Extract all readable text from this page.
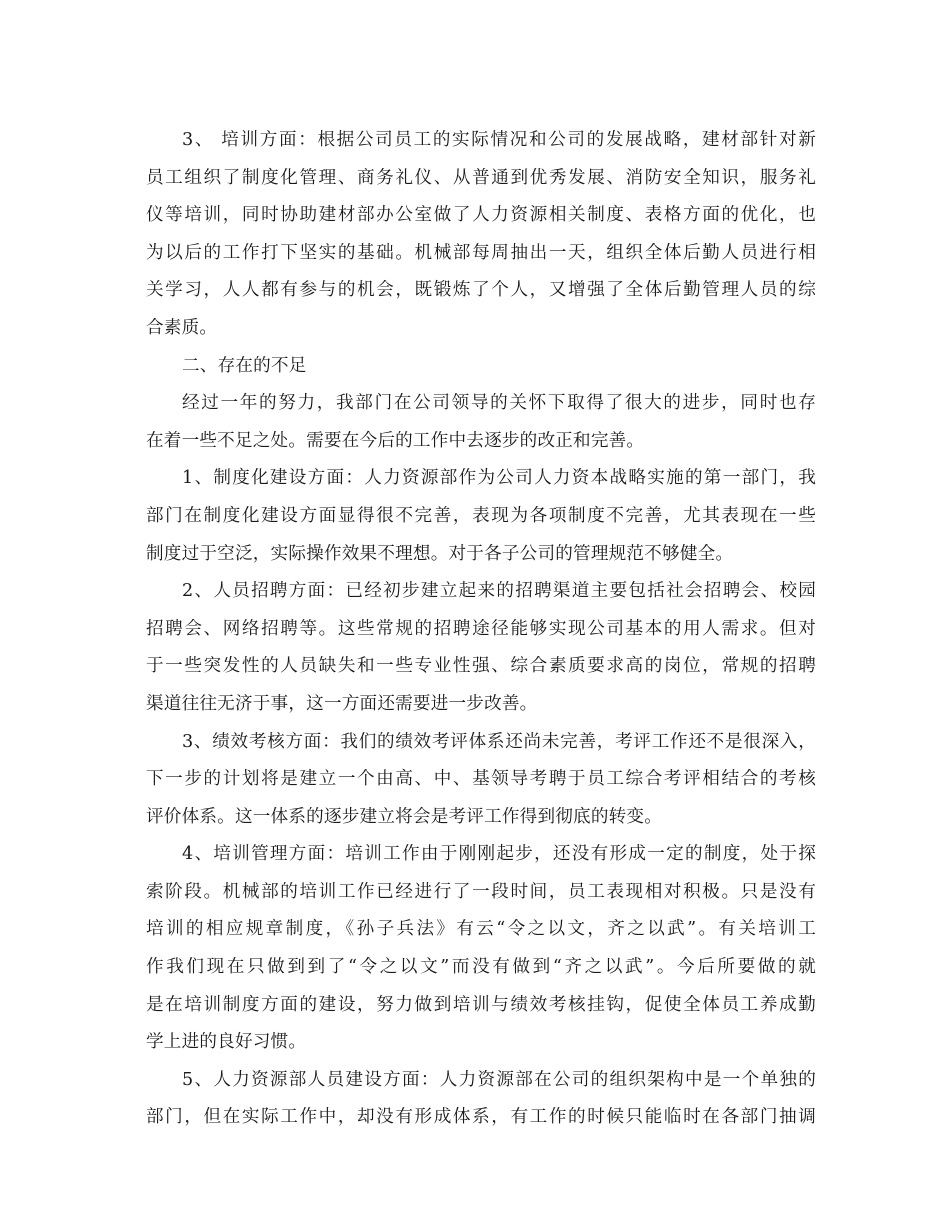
3、 培训方面：根据公司员工的实际情况和公司的发展战略，建材部针对新
员工组织了制度化管理、商务礼仪、从普通到优秀发展、消防安全知识，服务礼
仪等培训，同时协助建材部办公室做了人力资源相关制度、表格方面的优化，也
为以后的工作打下坚实的基础。机械部每周抽出一天，组织全体后勤人员进行相
关学习，人人都有参与的机会，既锻炼了个人，又增强了全体后勤管理人员的综
合素质。
二、存在的不足
经过一年的努力，我部门在公司领导的关怀下取得了很大的进步，同时也存
在着一些不足之处。需要在今后的工作中去逐步的改正和完善。
1、制度化建设方面：人力资源部作为公司人力资本战略实施的第一部门，我
部门在制度化建设方面显得很不完善，表现为各项制度不完善，尤其表现在一些
制度过于空泛，实际操作效果不理想。对于各子公司的管理规范不够健全。
2、人员招聘方面：已经初步建立起来的招聘渠道主要包括社会招聘会、校园
招聘会、网络招聘等。这些常规的招聘途径能够实现公司基本的用人需求。但对
于一些突发性的人员缺失和一些专业性强、综合素质要求高的岗位，常规的招聘
渠道往往无济于事，这一方面还需要进一步改善。
3、绩效考核方面：我们的绩效考评体系还尚未完善，考评工作还不是很深入，
下一步的计划将是建立一个由高、中、基领导考聘于员工综合考评相结合的考核
评价体系。这一体系的逐步建立将会是考评工作得到彻底的转变。
4、培训管理方面：培训工作由于刚刚起步，还没有形成一定的制度，处于探
索阶段。机械部的培训工作已经进行了一段时间，员工表现相对积极。只是没有
培训的相应规章制度，《孙子兵法》有云“令之以文，齐之以武”。有关培训工
作我们现在只做到到了“令之以文”而没有做到“齐之以武”。今后所要做的就
是在培训制度方面的建设，努力做到培训与绩效考核挂钩，促使全体员工养成勤
学上进的良好习惯。
5、人力资源部人员建设方面：人力资源部在公司的组织架构中是一个单独的
部门，但在实际工作中，却没有形成体系，有工作的时候只能临时在各部门抽调
